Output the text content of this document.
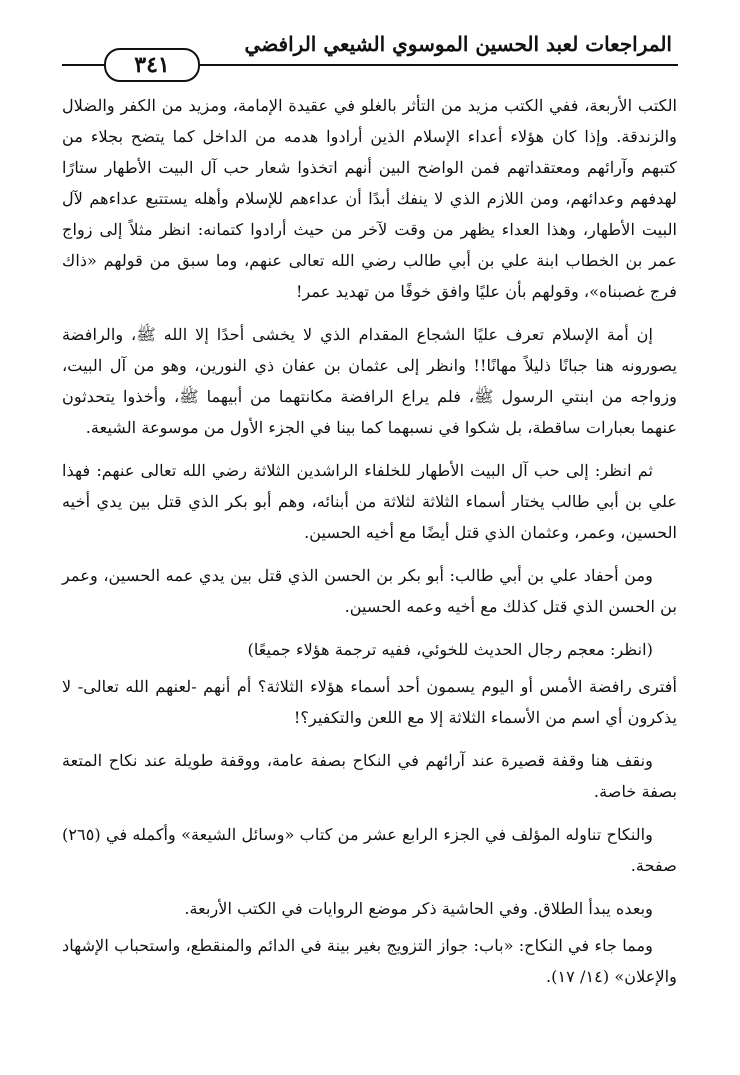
المراجعات لعبد الحسين الموسوي الشيعي الرافضي
٣٤١

الكتب الأربعة، ففي الكتب مزيد من التأثر بالغلو في عقيدة الإمامة، ومزيد من الكفر والضلال والزندقة. وإذا كان هؤلاء أعداء الإسلام الذين أرادوا هدمه من الداخل كما يتضح بجلاء من كتبهم وآرائهم ومعتقداتهم فمن الواضح البين أنهم اتخذوا شعار حب آل البيت الأطهار ستارًا لهدفهم وعدائهم، ومن اللازم الذي لا ينفك أبدًا أن عداءهم للإسلام وأهله يستتبع عداءهم لآل البيت الأطهار، وهذا العداء يظهر من وقت لآخر من حيث أرادوا كتمانه: انظر مثلاً إلى زواج عمر بن الخطاب ابنة علي بن أبي طالب رضي الله تعالى عنهم، وما سبق من قولهم «ذاك فرج غصبناه»، وقولهم بأن عليًا وافق خوفًا من تهديد عمر!

إن أمة الإسلام تعرف عليًا الشجاع المقدام الذي لا يخشى أحدًا إلا الله ﷺ، والرافضة يصورونه هنا جبانًا ذليلاً مهانًا!! وانظر إلى عثمان بن عفان ذي النورين، وهو من آل البيت، وزواجه من ابنتي الرسول ﷺ، فلم يراع الرافضة مكانتهما من أبيهما ﷺ، وأخذوا يتحدثون عنهما بعبارات ساقطة، بل شكوا في نسبهما كما بينا في الجزء الأول من موسوعة الشيعة.

ثم انظر: إلى حب آل البيت الأطهار للخلفاء الراشدين الثلاثة رضي الله تعالى عنهم: فهذا علي بن أبي طالب يختار أسماء الثلاثة لثلاثة من أبنائه، وهم أبو بكر الذي قتل بين يدي أخيه الحسين، وعمر، وعثمان الذي قتل أيضًا مع أخيه الحسين.

ومن أحفاد علي بن أبي طالب: أبو بكر بن الحسن الذي قتل بين يدي عمه الحسين، وعمر بن الحسن الذي قتل كذلك مع أخيه وعمه الحسين.

(انظر: معجم رجال الحديث للخوئي، ففيه ترجمة هؤلاء جميعًا)

أفترى رافضة الأمس أو اليوم يسمون أحد أسماء هؤلاء الثلاثة؟ أم أنهم -لعنهم الله تعالى- لا يذكرون أي اسم من الأسماء الثلاثة إلا مع اللعن والتكفير؟!

ونقف هنا وقفة قصيرة عند آرائهم في النكاح بصفة عامة، ووقفة طويلة عند نكاح المتعة بصفة خاصة.

والنكاح تناوله المؤلف في الجزء الرابع عشر من كتاب «وسائل الشيعة» وأكمله في (٢٦٥) صفحة.

وبعده يبدأ الطلاق. وفي الحاشية ذكر موضع الروايات في الكتب الأربعة.

ومما جاء في النكاح: «باب: جواز التزويج بغير بينة في الدائم والمنقطع، واستحباب الإشهاد والإعلان» (١٤/ ١٧).
